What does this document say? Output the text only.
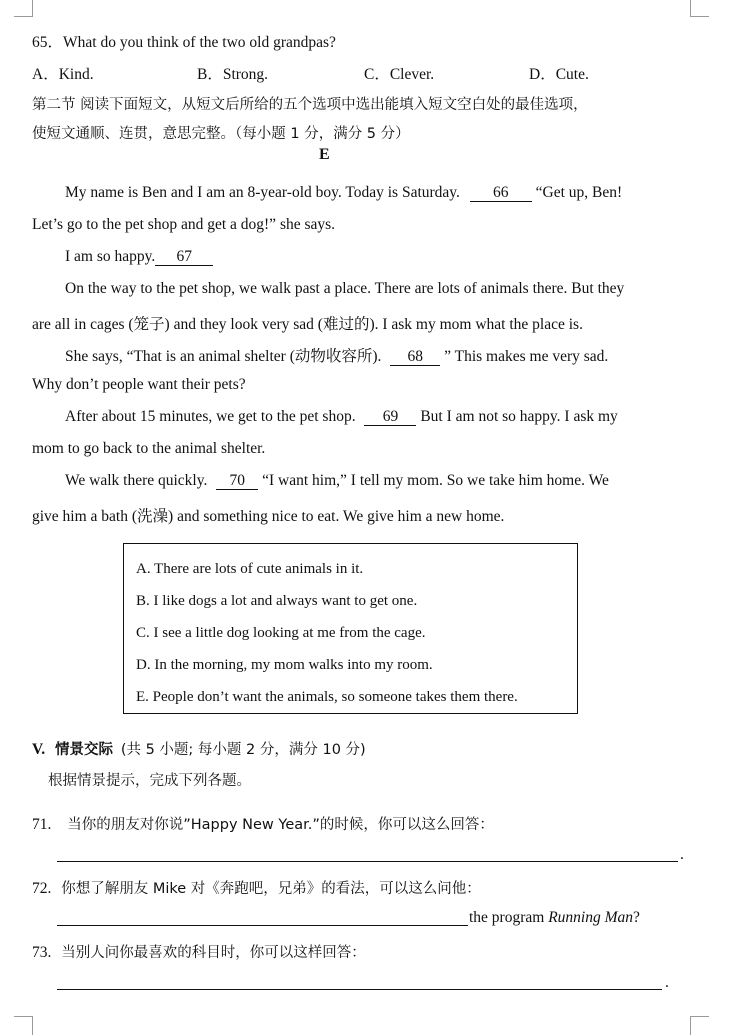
65．What do you think of the two old grandpas?
A．Kind.	B．Strong.	C．Clever.	D．Cute.
第二节 阅读下面短文，从短文后所给的五个选项中选出能填入短文空白处的最佳选项，
使短文通顺、连贯，意思完整。（每小题 1 分，满分 5 分）
E
My name is Ben and I am an 8-year-old boy. Today is Saturday. 66 “Get up, Ben!
Let’s go to the pet shop and get a dog!” she says.
I am so happy. 67
On the way to the pet shop, we walk past a place. There are lots of animals there. But they
are all in cages (笼子) and they look very sad (难过的). I ask my mom what the place is.
She says, “That is an animal shelter (动物收容所). 68 ” This makes me very sad.
Why don’t people want their pets?
After about 15 minutes, we get to the pet shop. 69 But I am not so happy. I ask my
mom to go back to the animal shelter.
We walk there quickly. 70 “I want him,” I tell my mom. So we take him home. We
give him a bath (洗澡) and something nice to eat. We give him a new home.
A. There are lots of cute animals in it.
B. I like dogs a lot and always want to get one.
C. I see a little dog looking at me from the cage.
D. In the morning, my mom walks into my room.
E. People don’t want the animals, so someone takes them there.
V. 情景交际 (共 5 小题; 每小题 2 分，满分 10 分)
根据情景提示，完成下列各题。
71. 当你的朋友对你说”Happy New Year.”的时候，你可以这么回答：
.
72. 你想了解朋友 Mike 对《奔跑吧，兄弟》的看法，可以这么问他：
the program Running Man?
73. 当别人问你最喜欢的科目时，你可以这样回答：
.
